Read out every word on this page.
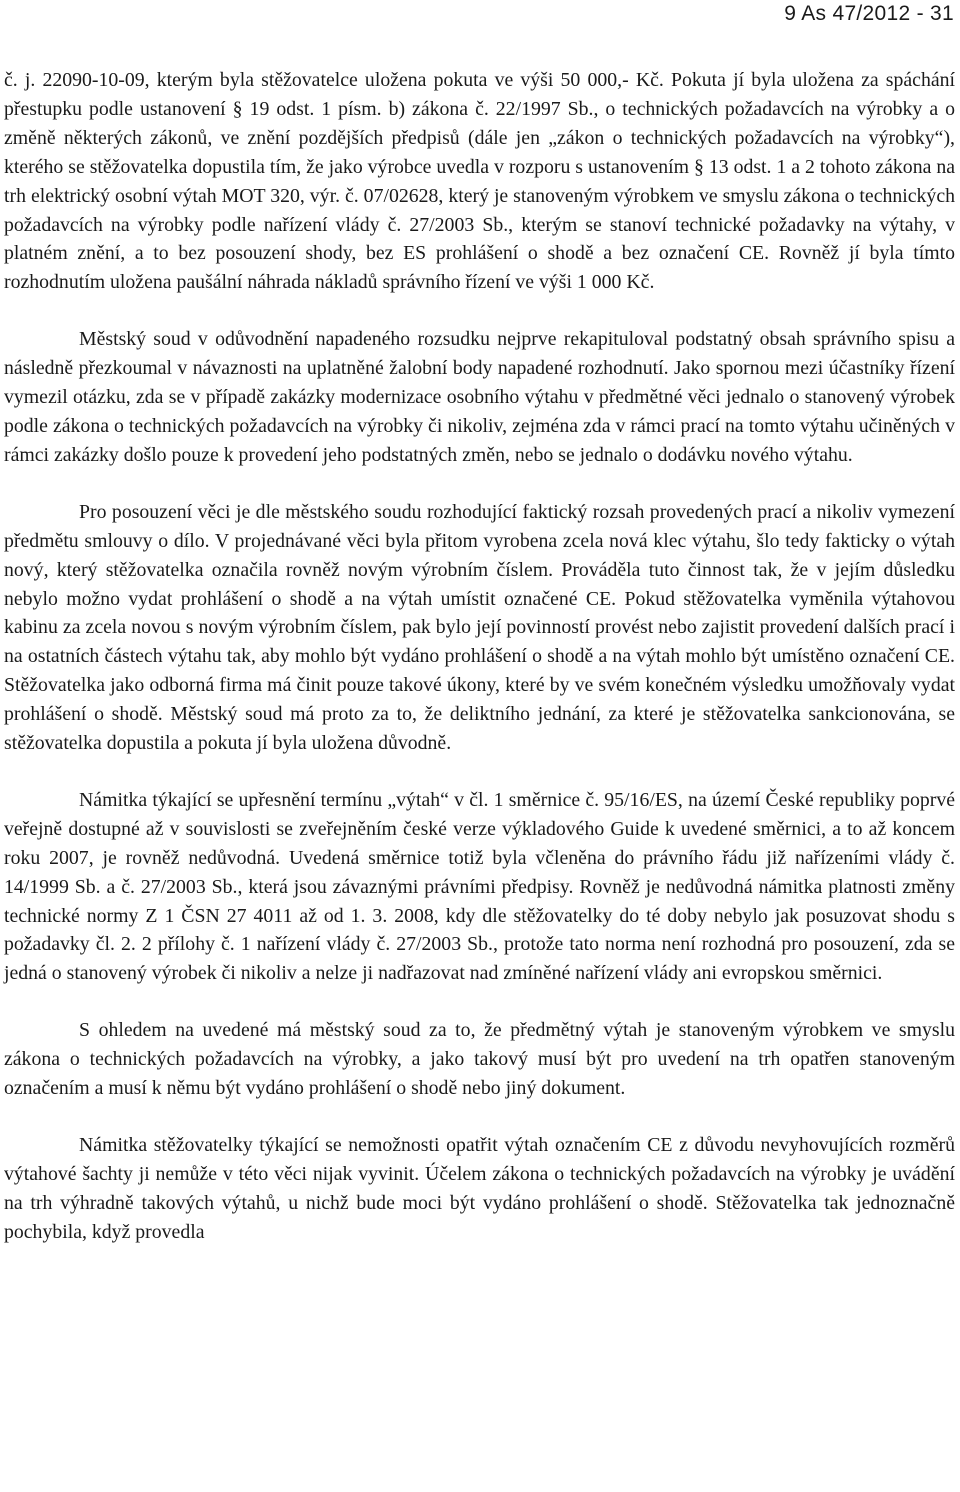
9 As 47/2012 - 31

č. j. 22090-10-09, kterým byla stěžovatelce uložena pokuta ve výši 50 000,- Kč. Pokuta jí byla uložena za spáchání přestupku podle ustanovení § 19 odst. 1 písm. b) zákona č. 22/1997 Sb., o technických požadavcích na výrobky a o změně některých zákonů, ve znění pozdějších předpisů (dále jen „zákon o technických požadavcích na výrobky“), kterého se stěžovatelka dopustila tím, že jako výrobce uvedla v rozporu s ustanovením § 13 odst. 1 a 2 tohoto zákona na trh elektrický osobní výtah MOT 320, výr. č. 07/02628, který je stanoveným výrobkem ve smyslu zákona o technických požadavcích na výrobky podle nařízení vlády č. 27/2003 Sb., kterým se stanoví technické požadavky na výtahy, v platném znění, a to bez posouzení shody, bez ES prohlášení o shodě a bez označení CE. Rovněž jí byla tímto rozhodnutím uložena paušální náhrada nákladů správního řízení ve výši 1 000 Kč.

Městský soud v odůvodnění napadeného rozsudku nejprve rekapituloval podstatný obsah správního spisu a následně přezkoumal v návaznosti na uplatněné žalobní body napadené rozhodnutí. Jako spornou mezi účastníky řízení vymezil otázku, zda se v případě zakázky modernizace osobního výtahu v předmětné věci jednalo o stanovený výrobek podle zákona o technických požadavcích na výrobky či nikoliv, zejména zda v rámci prací na tomto výtahu učiněných v rámci zakázky došlo pouze k provedení jeho podstatných změn, nebo se jednalo o dodávku nového výtahu.

Pro posouzení věci je dle městského soudu rozhodující faktický rozsah provedených prací a nikoliv vymezení předmětu smlouvy o dílo. V projednávané věci byla přitom vyrobena zcela nová klec výtahu, šlo tedy fakticky o výtah nový, který stěžovatelka označila rovněž novým výrobním číslem. Prováděla tuto činnost tak, že v jejím důsledku nebylo možno vydat prohlášení o shodě a na výtah umístit označené CE. Pokud stěžovatelka vyměnila výtahovou kabinu za zcela novou s novým výrobním číslem, pak bylo její povinností provést nebo zajistit provedení dalších prací i na ostatních částech výtahu tak, aby mohlo být vydáno prohlášení o shodě a na výtah mohlo být umístěno označení CE. Stěžovatelka jako odborná firma má činit pouze takové úkony, které by ve svém konečném výsledku umožňovaly vydat prohlášení o shodě. Městský soud má proto za to, že deliktního jednání, za které je stěžovatelka sankcionována, se stěžovatelka dopustila a pokuta jí byla uložena důvodně.

Námitka týkající se upřesnění termínu „výtah“ v čl. 1 směrnice č. 95/16/ES, na území České republiky poprvé veřejně dostupné až v souvislosti se zveřejněním české verze výkladového Guide k uvedené směrnici, a to až koncem roku 2007, je rovněž nedůvodná. Uvedená směrnice totiž byla včleněna do právního řádu již nařízeními vlády č. 14/1999 Sb. a č. 27/2003 Sb., která jsou závaznými právními předpisy. Rovněž je nedůvodná námitka platnosti změny technické normy Z 1 ČSN 27 4011 až od 1. 3. 2008, kdy dle stěžovatelky do té doby nebylo jak posuzovat shodu s požadavky čl. 2. 2 přílohy č. 1 nařízení vlády č. 27/2003 Sb., protože tato norma není rozhodná pro posouzení, zda se jedná o stanovený výrobek či nikoliv a nelze ji nadřazovat nad zmíněné nařízení vlády ani evropskou směrnici.

S ohledem na uvedené má městský soud za to, že předmětný výtah je stanoveným výrobkem ve smyslu zákona o technických požadavcích na výrobky, a jako takový musí být pro uvedení na trh opatřen stanoveným označením a musí k němu být vydáno prohlášení o shodě nebo jiný dokument.

Námitka stěžovatelky týkající se nemožnosti opatřit výtah označením CE z důvodu nevyhovujících rozměrů výtahové šachty ji nemůže v této věci nijak vyvinit. Účelem zákona o technických požadavcích na výrobky je uvádění na trh výhradně takových výtahů, u nichž bude moci být vydáno prohlášení o shodě. Stěžovatelka tak jednoznačně pochybila, když provedla
